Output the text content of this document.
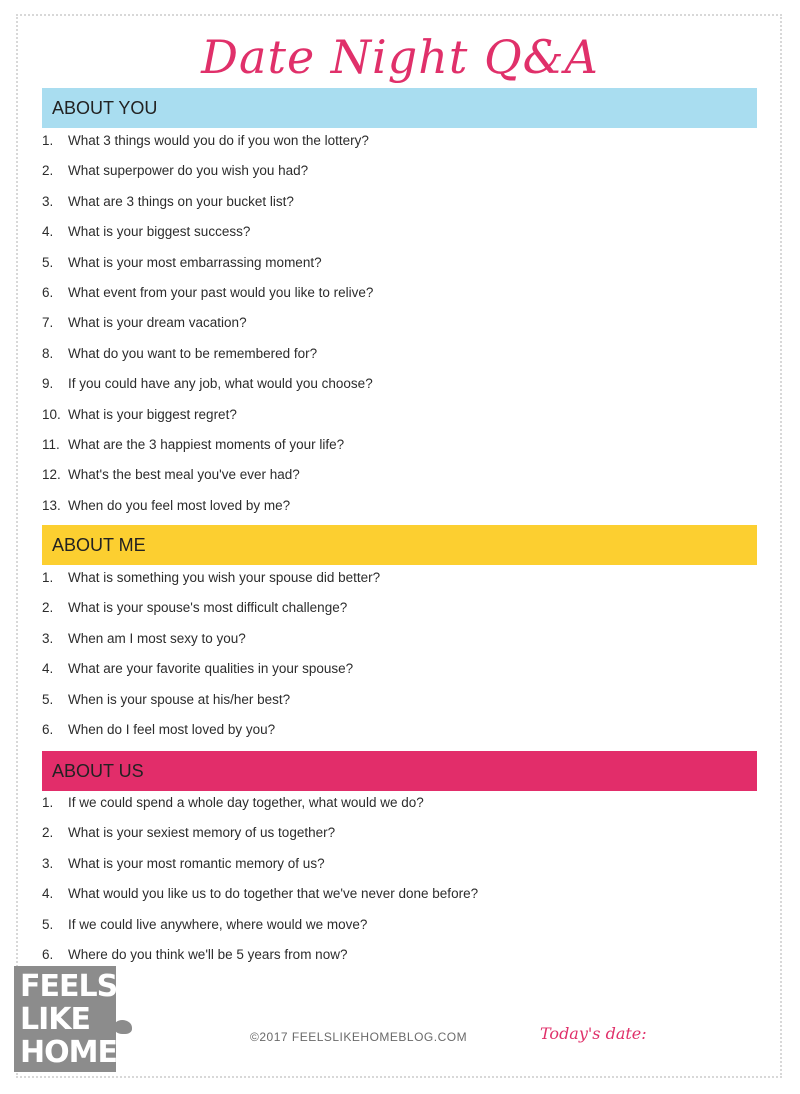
Date Night Q&A
ABOUT YOU
1. What 3 things would you do if you won the lottery?
2. What superpower do you wish you had?
3. What are 3 things on your bucket list?
4. What is your biggest success?
5. What is your most embarrassing moment?
6. What event from your past would you like to relive?
7. What is your dream vacation?
8. What do you want to be remembered for?
9. If you could have any job, what would you choose?
10. What is your biggest regret?
11. What are the 3 happiest moments of your life?
12. What's the best meal you've ever had?
13. When do you feel most loved by me?
ABOUT ME
1. What is something you wish your spouse did better?
2. What is your spouse's most difficult challenge?
3. When am I most sexy to you?
4. What are your favorite qualities in your spouse?
5. When is your spouse at his/her best?
6. When do I feel most loved by you?
ABOUT US
1. If we could spend a whole day together, what would we do?
2. What is your sexiest memory of us together?
3. What is your most romantic memory of us?
4. What would you like us to do together that we've never done before?
5. If we could live anywhere, where would we move?
6. Where do you think we'll be 5 years from now?
FEELS
LIKE
HOME	©2017 FEELSLIKEHOMEBLOG.COM	Today's date:
